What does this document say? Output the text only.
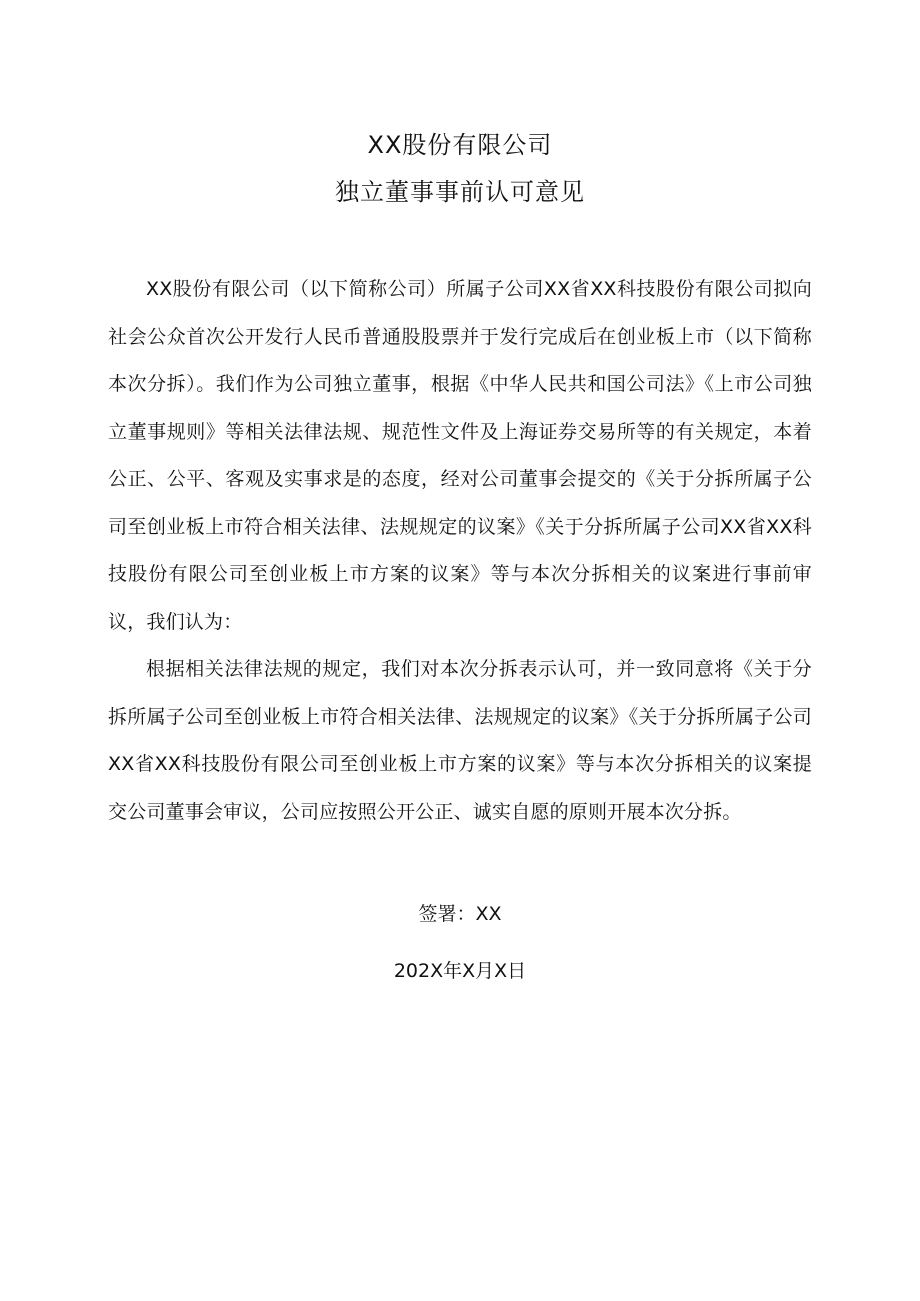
XX股份有限公司
独立董事事前认可意见

XX股份有限公司（以下简称公司）所属子公司XX省XX科技股份有限公司拟向社会公众首次公开发行人民币普通股股票并于发行完成后在创业板上市（以下简称本次分拆）。我们作为公司独立董事，根据《中华人民共和国公司法》《上市公司独立董事规则》等相关法律法规、规范性文件及上海证券交易所等的有关规定，本着公正、公平、客观及实事求是的态度，经对公司董事会提交的《关于分拆所属子公司至创业板上市符合相关法律、法规规定的议案》《关于分拆所属子公司XX省XX科技股份有限公司至创业板上市方案的议案》等与本次分拆相关的议案进行事前审议，我们认为：

根据相关法律法规的规定，我们对本次分拆表示认可，并一致同意将《关于分拆所属子公司至创业板上市符合相关法律、法规规定的议案》《关于分拆所属子公司XX省XX科技股份有限公司至创业板上市方案的议案》等与本次分拆相关的议案提交公司董事会审议，公司应按照公开公正、诚实自愿的原则开展本次分拆。

签署：XX
202X年X月X日
